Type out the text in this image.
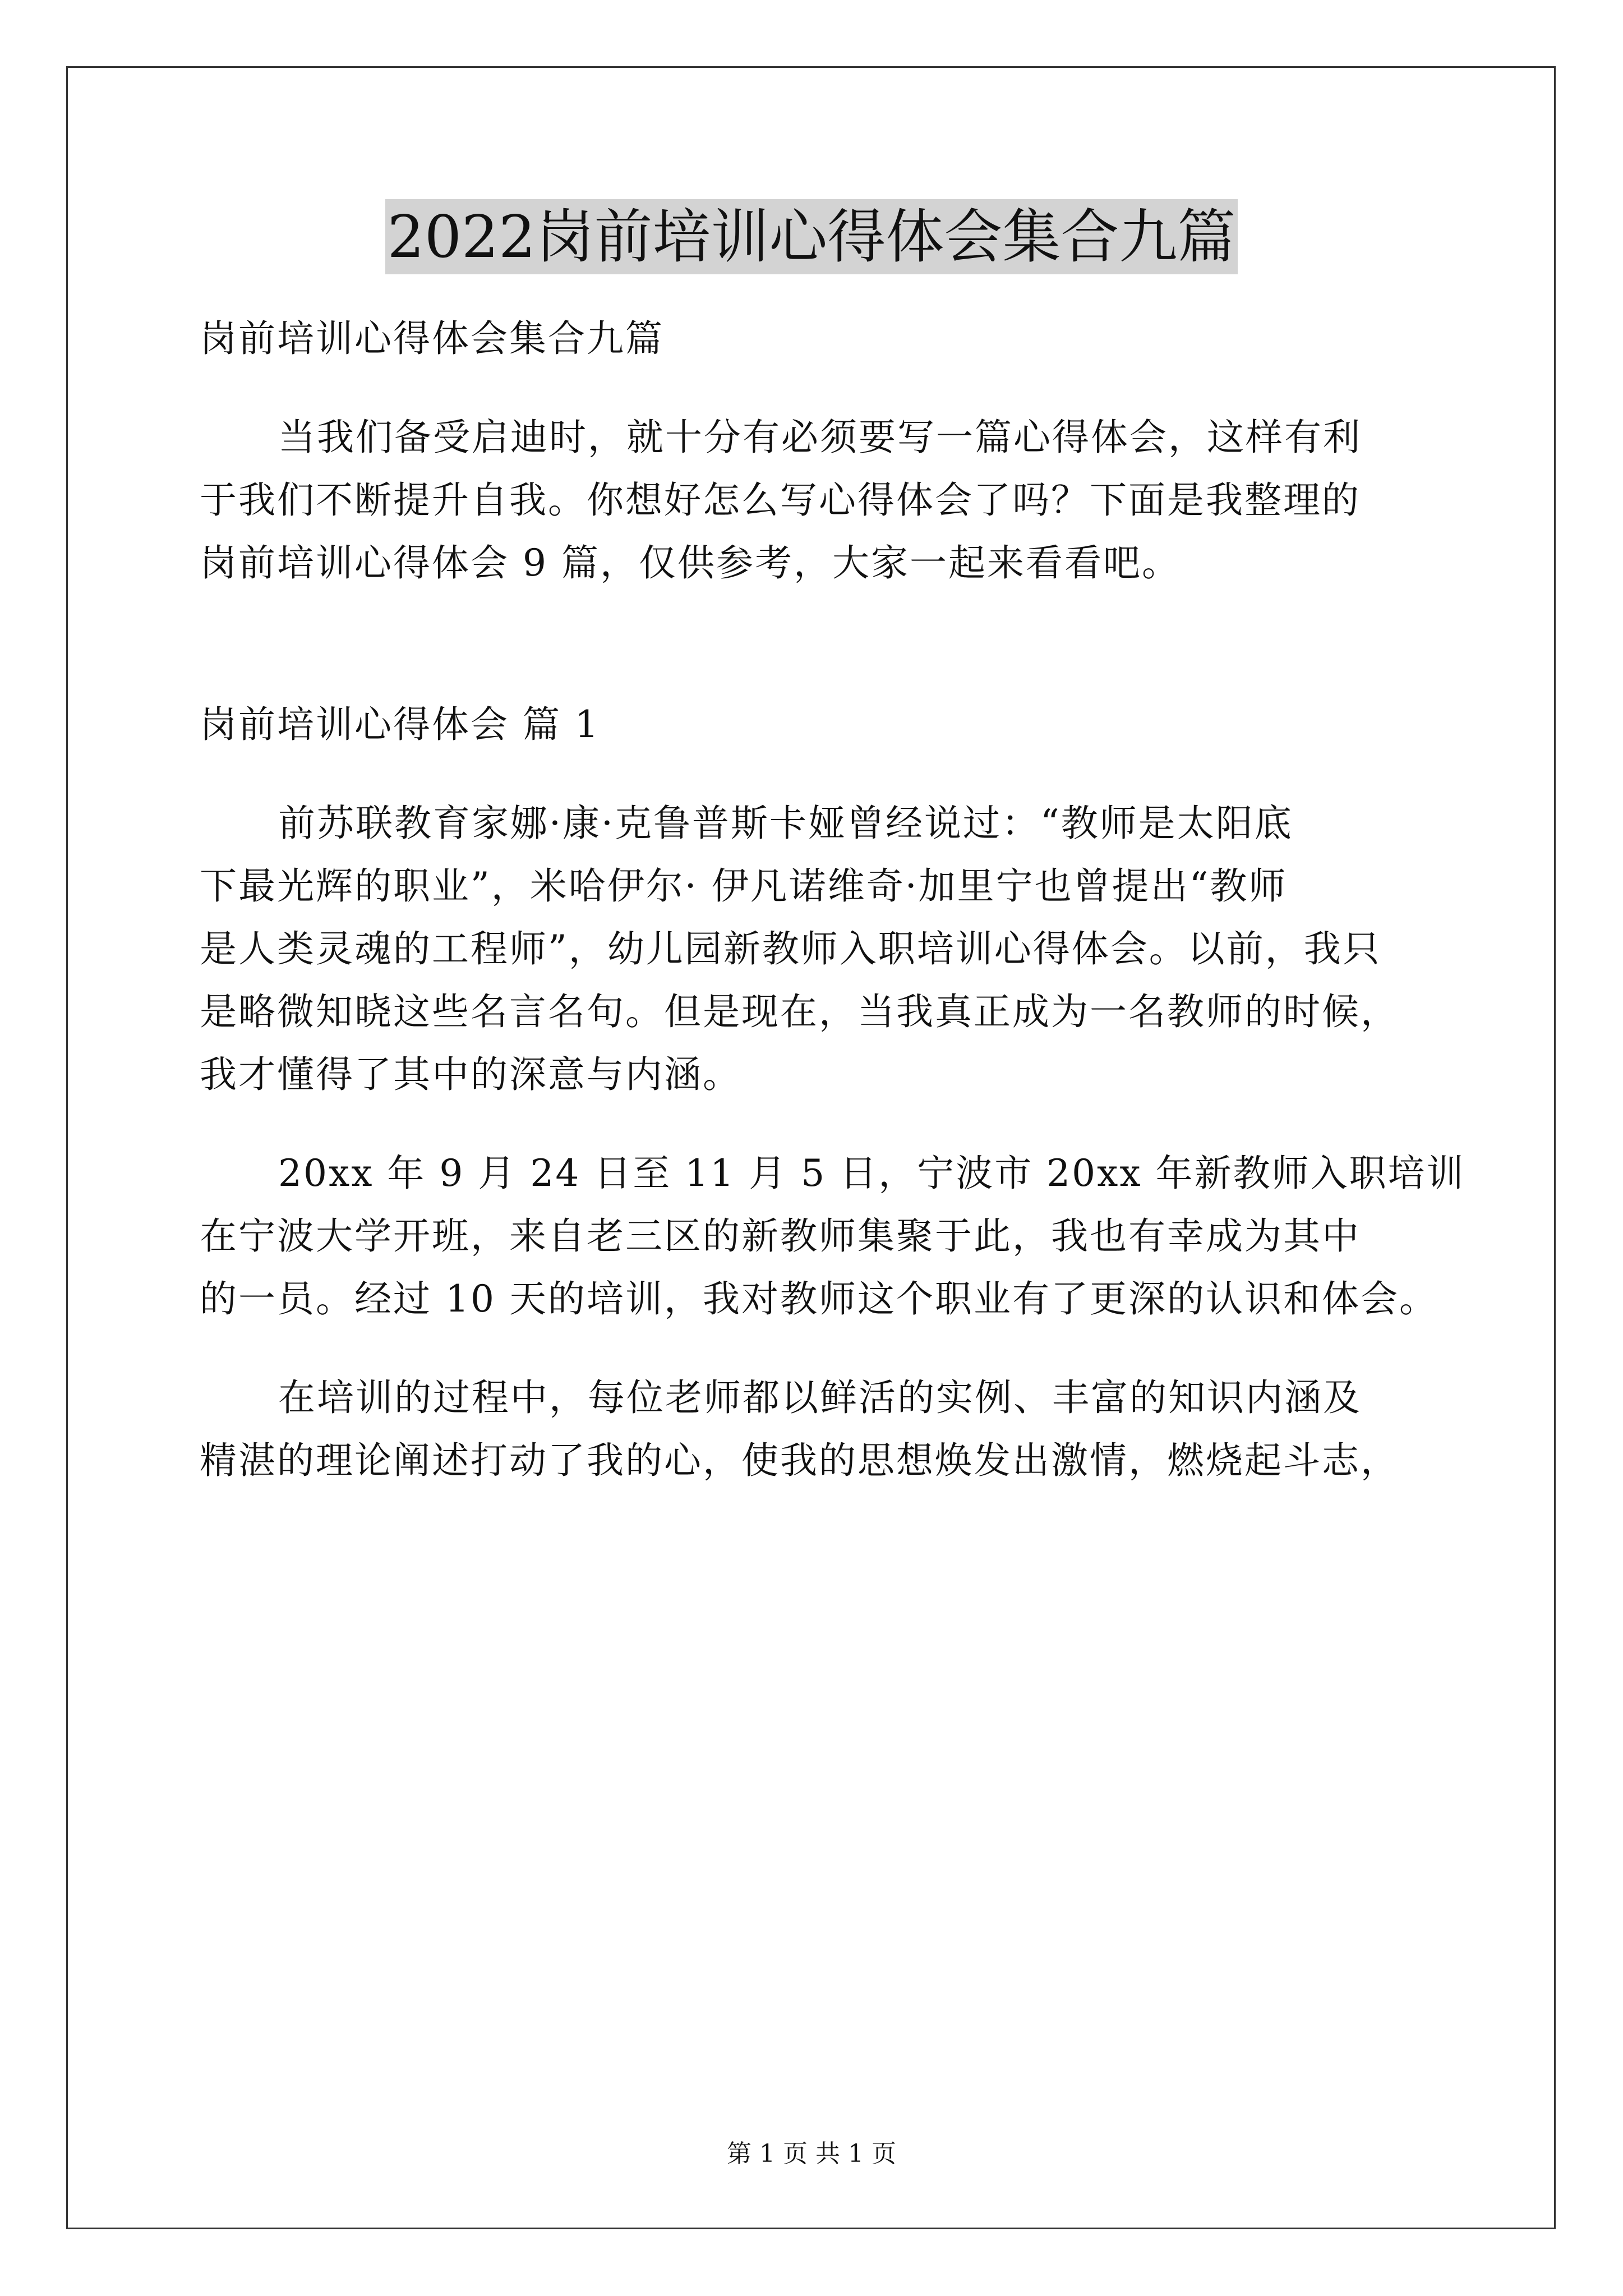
2022岗前培训心得体会集合九篇

岗前培训心得体会集合九篇

当我们备受启迪时，就十分有必须要写一篇心得体会，这样有利
于我们不断提升自我。你想好怎么写心得体会了吗？下面是我整理的
岗前培训心得体会 9 篇，仅供参考，大家一起来看看吧。

岗前培训心得体会 篇 1

前苏联教育家娜·康·克鲁普斯卡娅曾经说过：“教师是太阳底
下最光辉的职业”，米哈伊尔· 伊凡诺维奇·加里宁也曾提出“教师
是人类灵魂的工程师”，幼儿园新教师入职培训心得体会。以前，我只
是略微知晓这些名言名句。但是现在，当我真正成为一名教师的时候，
我才懂得了其中的深意与内涵。

20xx 年 9 月 24 日至 11 月 5 日，宁波市 20xx 年新教师入职培训
在宁波大学开班，来自老三区的新教师集聚于此，我也有幸成为其中
的一员。经过 10 天的培训，我对教师这个职业有了更深的认识和体会。

在培训的过程中，每位老师都以鲜活的实例、丰富的知识内涵及
精湛的理论阐述打动了我的心，使我的思想焕发出激情，燃烧起斗志，

第 1 页 共 1 页
